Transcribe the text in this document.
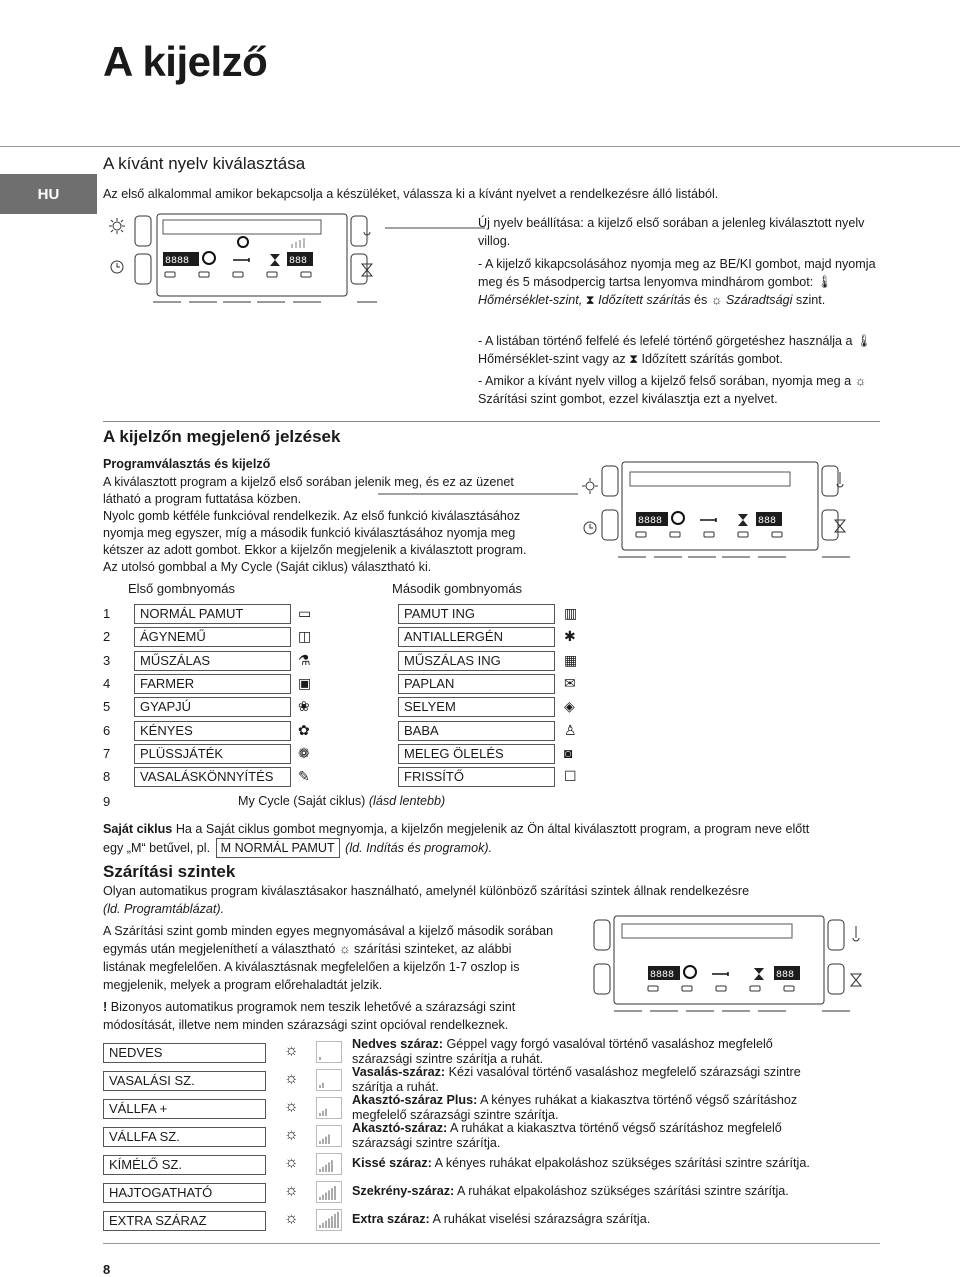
A kijelző
HU
A kívánt nyelv kiválasztása
Az első alkalommal amikor bekapcsolja a készüléket, válassza ki a kívánt nyelvet a rendelkezésre álló listából.
8888	888
Új nyelv beállítása: a kijelző első sorában a jelenleg kiválasztott nyelv villog.
- A kijelző kikapcsolásához nyomja meg az BE/KI gombot, majd nyomja meg és 5 másodpercig tartsa lenyomva mindhárom gombot: 🌡 Hőmérséklet-szint, ⧗ Időzített szárítás és ☼ Száradtsági szint.
- A listában történő felfelé és lefelé történő görgetéshez használja a 🌡 Hőmérséklet-szint vagy az ⧗ Időzített szárítás gombot.
- Amikor a kívánt nyelv villog a kijelző felső sorában, nyomja meg a ☼ Szárítási szint gombot, ezzel kiválasztja ezt a nyelvet.
A kijelzőn megjelenő jelzések
Programválasztás és kijelző
A kiválasztott program a kijelző első sorában jelenik meg, és ez az üzenet
látható a program futtatása közben.
Nyolc gomb kétféle funkcióval rendelkezik. Az első funkció kiválasztásához
nyomja meg egyszer, míg a második funkció kiválasztásához nyomja meg
kétszer az adott gombot. Ekkor a kijelzőn megjelenik a kiválasztott program.
Az utolsó gombbal a My Cycle (Saját ciklus) választható ki.
8888	888
Első gombnyomás	Második gombnyomás
1	NORMÁL PAMUT	▭	PAMUT ING	▥
2	ÁGYNEMŰ	◫	ANTIALLERGÉN	✱
3	MŰSZÁLAS	⚗	MŰSZÁLAS ING	▦
4	FARMER	▣	PAPLAN	✉
5	GYAPJÚ	❀	SELYEM	◈
6	KÉNYES	✿	BABA	♙
7	PLÜSSJÁTÉK	❁	MELEG ÖLELÉS	◙
8	VASALÁSKÖNNYÍTÉS	✎	FRISSÍTŐ	☐
9	My Cycle (Saját ciklus) (lásd lentebb)
Saját ciklus Ha a Saját ciklus gombot megnyomja, a kijelzőn megjelenik az Ön által kiválasztott program, a program neve előtt
egy „M“ betűvel, pl. M NORMÁL PAMUT (ld. Indítás és programok).
Szárítási szintek
Olyan automatikus program kiválasztásakor használható, amelynél különböző szárítási szintek állnak rendelkezésre
(ld. Programtáblázat).
A Szárítási szint gomb minden egyes megnyomásával a kijelző második sorában
egymás után megjeleníthetí a választható ☼ szárítási szinteket, az alábbi
listának megfelelően. A kiválasztásnak megfelelően a kijelzőn 1-7 oszlop is
megjelenik, melyek a program előrehaladtát jelzik.
! Bizonyos automatikus programok nem teszik lehetővé a szárazsági szint
módosítását, illetve nem minden szárazsági szint opcióval rendelkeznek.
8888	888
NEDVES	☼	Nedves száraz: Géppel vagy forgó vasalóval történő vasaláshoz megfelelő
szárazsági szintre szárítja a ruhát.
VASALÁSI SZ.	☼	Vasalás-száraz: Kézi vasalóval történő vasaláshoz megfelelő szárazsági szintre
szárítja a ruhát.
VÁLLFA +	☼	Akasztó-száraz Plus: A kényes ruhákat a kiakasztva történő végső szárításhoz
megfelelő szárazsági szintre szárítja.
VÁLLFA SZ.	☼	Akasztó-száraz: A ruhákat a kiakasztva történő végső szárításhoz megfelelő
szárazsági szintre szárítja.
KÍMÉLŐ SZ.	☼	Kissé száraz: A kényes ruhákat elpakoláshoz szükséges szárítási szintre szárítja.
HAJTOGATHATÓ	☼	Szekrény-száraz: A ruhákat elpakoláshoz szükséges szárítási szintre szárítja.
EXTRA SZÁRAZ	☼	Extra száraz: A ruhákat viselési szárazságra szárítja.
8
